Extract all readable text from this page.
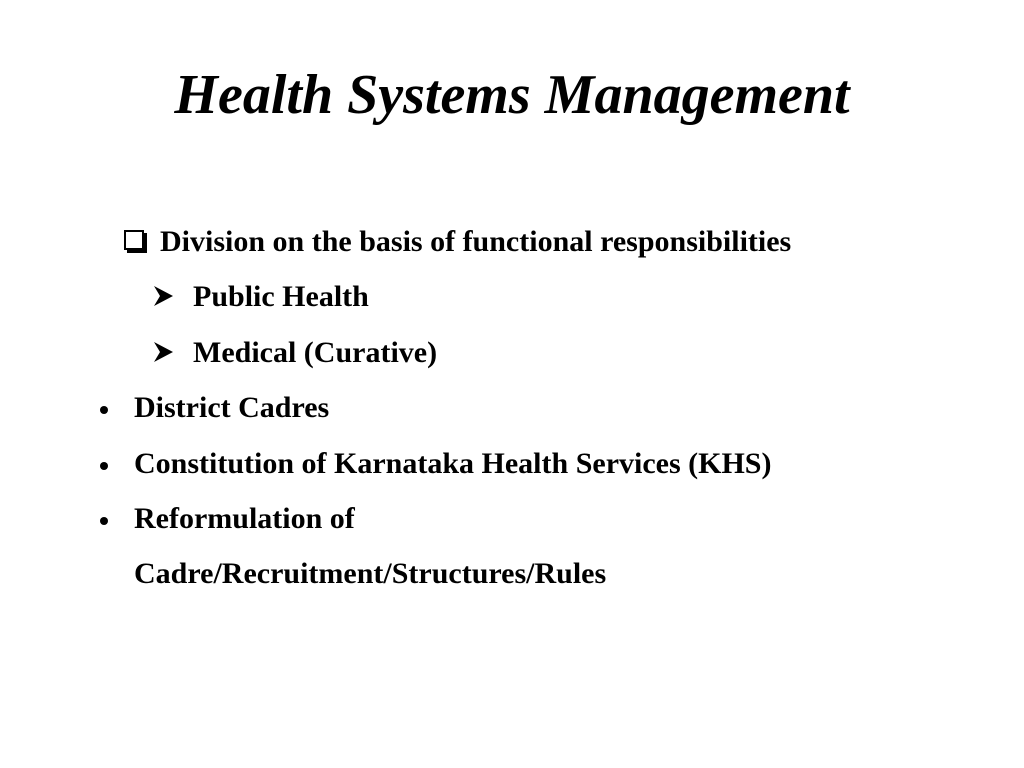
Health Systems Management
Division on the basis of functional responsibilities
Public Health
Medical (Curative)
District Cadres
Constitution of Karnataka Health Services (KHS)
Reformulation of
Cadre/Recruitment/Structures/Rules
